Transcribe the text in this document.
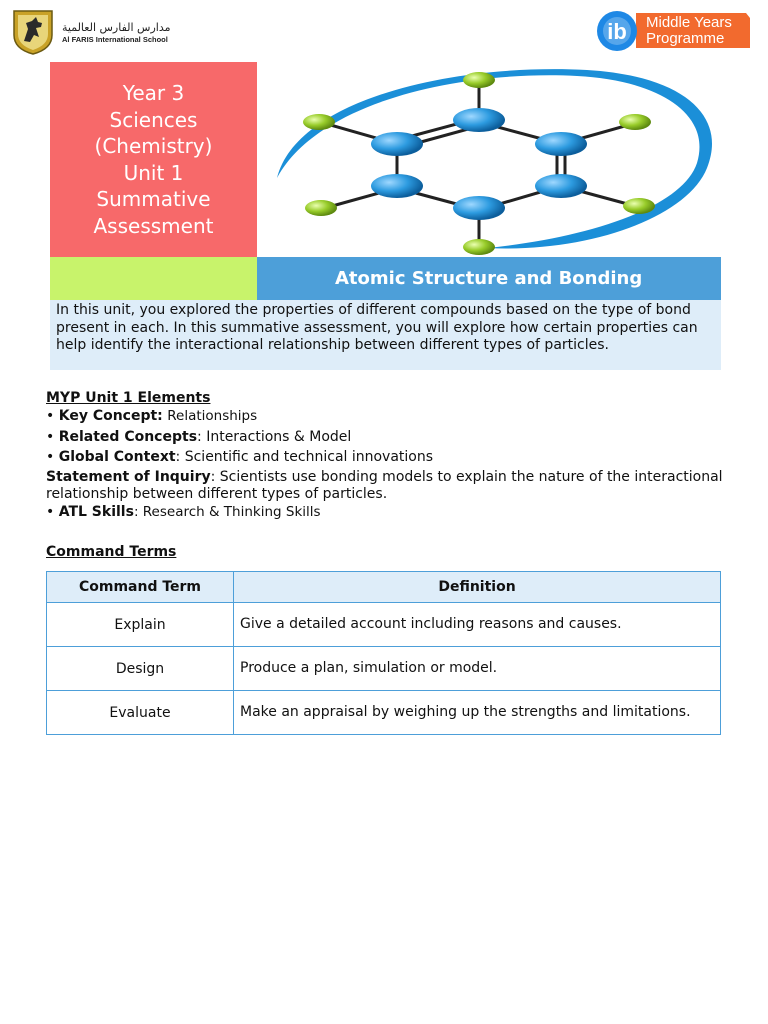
مدارس الفارس العالمية
Al FARIS International School	ib Middle Years
Programme
Year 3
Sciences
(Chemistry)
Unit 1
Summative
Assessment
Atomic Structure and Bonding
In this unit, you explored the properties of different compounds based on the type of bond present in each. In this summative assessment, you will explore how certain properties can help identify the interactional relationship between different types of particles.
MYP Unit 1 Elements
• Key Concept: Relationships
• Related Concepts: Interactions & Model
• Global Context: Scientific and technical innovations
Statement of Inquiry: Scientists use bonding models to explain the nature of the interactional relationship between different types of particles.
• ATL Skills: Research & Thinking Skills
Command Terms
Command Term	Definition
Explain	Give a detailed account including reasons and causes.
Design	Produce a plan, simulation or model.
Evaluate	Make an appraisal by weighing up the strengths and limitations.
